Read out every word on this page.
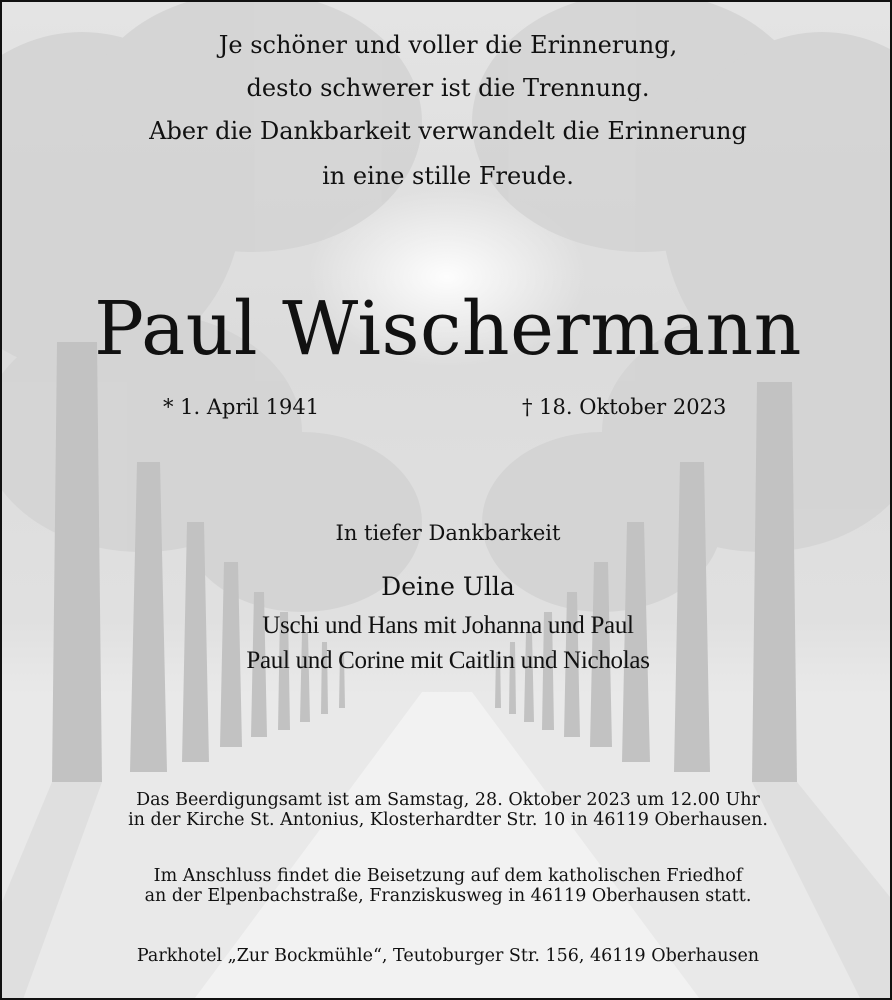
Je schöner und voller die Erinnerung,
desto schwerer ist die Trennung.
Aber die Dankbarkeit verwandelt die Erinnerung
in eine stille Freude.
Paul Wischermann
* 1. April 1941	† 18. Oktober 2023
In tiefer Dankbarkeit
Deine Ulla
Uschi und Hans mit Johanna und Paul
Paul und Corine mit Caitlin und Nicholas
Das Beerdigungsamt ist am Samstag, 28. Oktober 2023 um 12.00 Uhr
in der Kirche St. Antonius, Klosterhardter Str. 10 in 46119 Oberhausen.
Im Anschluss findet die Beisetzung auf dem katholischen Friedhof
an der Elpenbachstraße, Franziskusweg in 46119 Oberhausen statt.
Parkhotel „Zur Bockmühle“, Teutoburger Str. 156, 46119 Oberhausen
